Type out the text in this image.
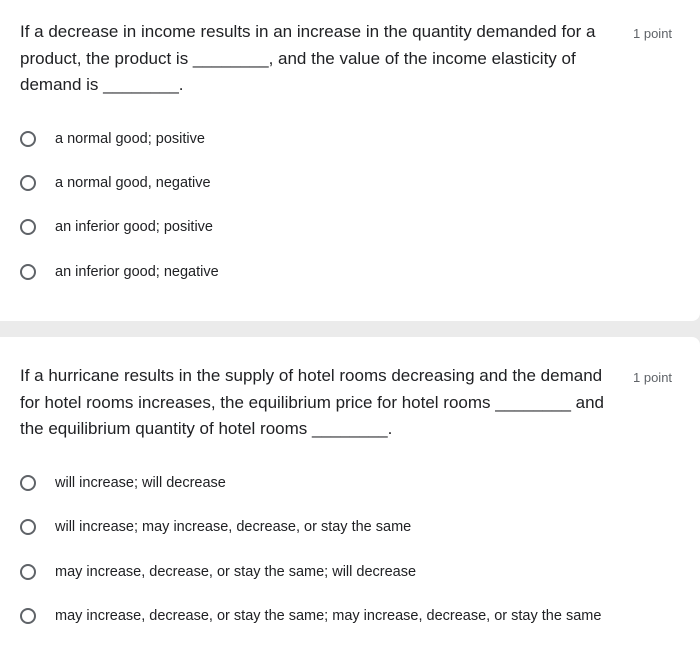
If a decrease in income results in an increase in the quantity demanded for a product, the product is ________, and the value of the income elasticity of demand is ________.
1 point
a normal good; positive
a normal good, negative
an inferior good; positive
an inferior good; negative
If a hurricane results in the supply of hotel rooms decreasing and the demand for hotel rooms increases, the equilibrium price for hotel rooms ________ and the equilibrium quantity of hotel rooms ________.
1 point
will increase; will decrease
will increase; may increase, decrease, or stay the same
may increase, decrease, or stay the same; will decrease
may increase, decrease, or stay the same; may increase, decrease, or stay the same
